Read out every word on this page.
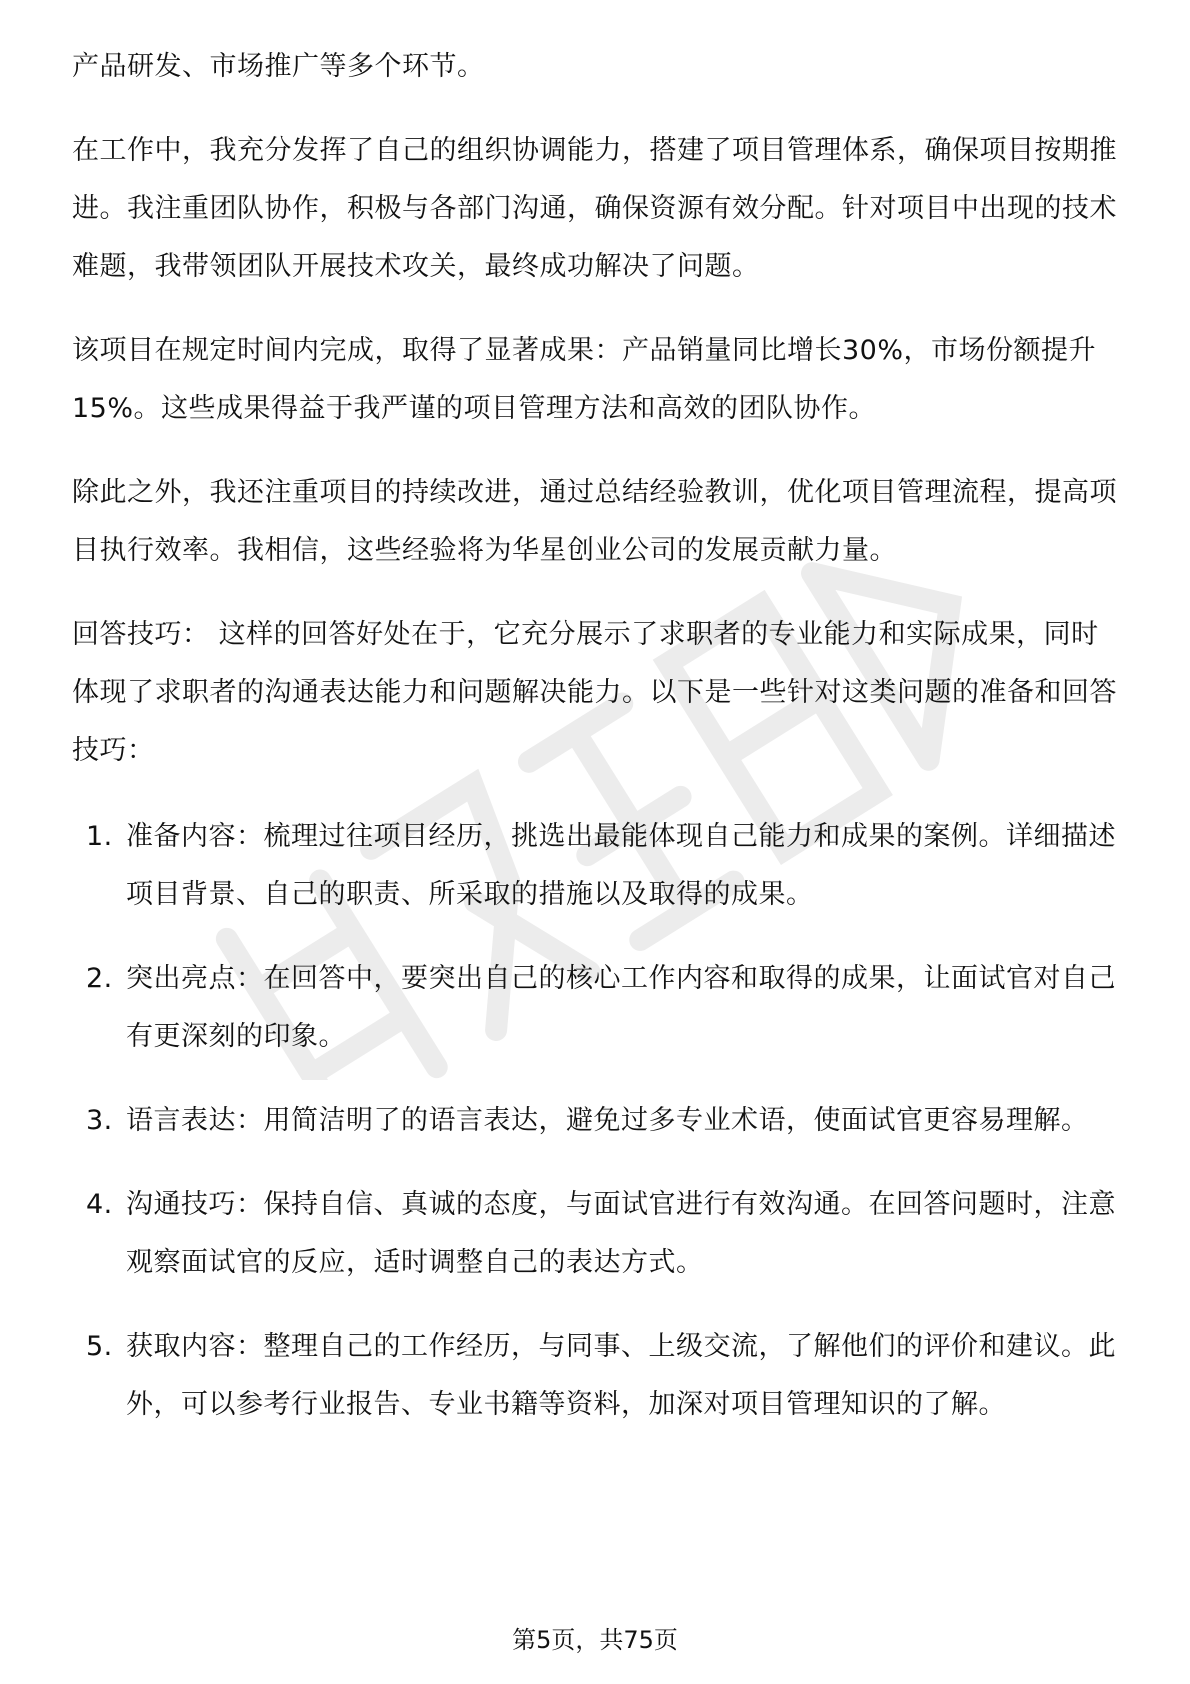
产品研发、市场推广等多个环节。

在工作中，我充分发挥了自己的组织协调能力，搭建了项目管理体系，确保项目按期推进。我注重团队协作，积极与各部门沟通，确保资源有效分配。针对项目中出现的技术难题，我带领团队开展技术攻关，最终成功解决了问题。

该项目在规定时间内完成，取得了显著成果：产品销量同比增长30%，市场份额提升15%。这些成果得益于我严谨的项目管理方法和高效的团队协作。

除此之外，我还注重项目的持续改进，通过总结经验教训，优化项目管理流程，提高项目执行效率。我相信，这些经验将为华星创业公司的发展贡献力量。

回答技巧： 这样的回答好处在于，它充分展示了求职者的专业能力和实际成果，同时体现了求职者的沟通表达能力和问题解决能力。以下是一些针对这类问题的准备和回答技巧：

1. 准备内容：梳理过往项目经历，挑选出最能体现自己能力和成果的案例。详细描述项目背景、自己的职责、所采取的措施以及取得的成果。
2. 突出亮点：在回答中，要突出自己的核心工作内容和取得的成果，让面试官对自己有更深刻的印象。
3. 语言表达：用简洁明了的语言表达，避免过多专业术语，使面试官更容易理解。
4. 沟通技巧：保持自信、真诚的态度，与面试官进行有效沟通。在回答问题时，注意观察面试官的反应，适时调整自己的表达方式。
5. 获取内容：整理自己的工作经历，与同事、上级交流，了解他们的评价和建议。此外，可以参考行业报告、专业书籍等资料，加深对项目管理知识的了解。
第5页，共75页
